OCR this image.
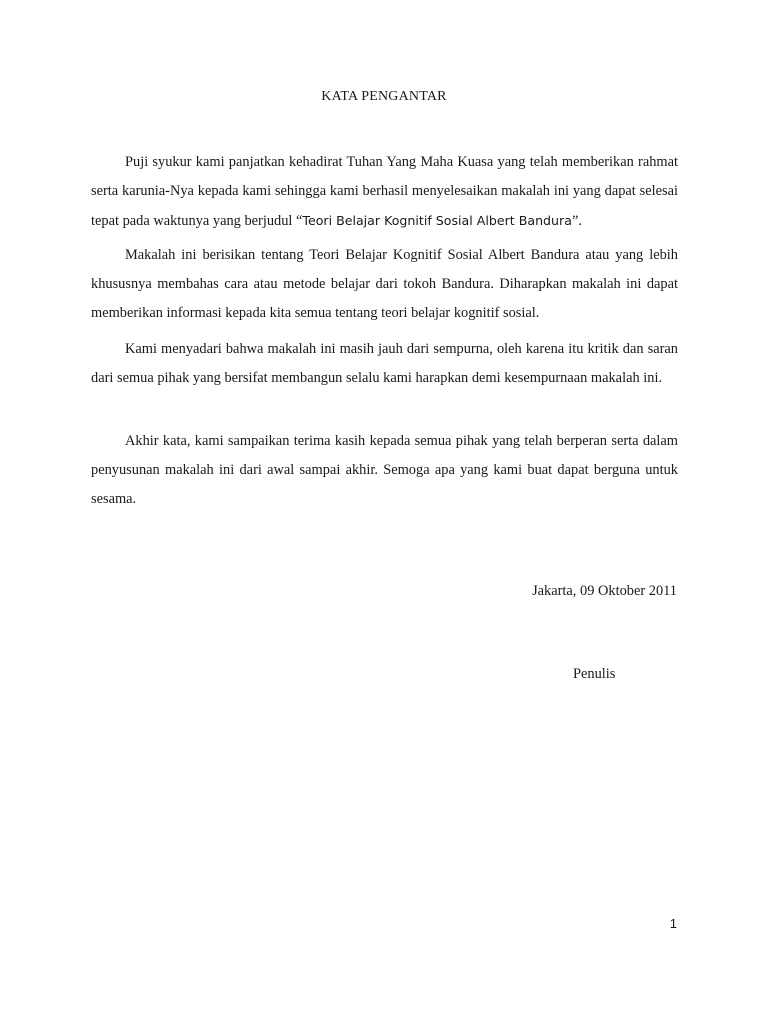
KATA PENGANTAR

Puji syukur kami panjatkan kehadirat Tuhan Yang Maha Kuasa yang telah memberikan rahmat serta karunia-Nya kepada kami sehingga kami berhasil menyelesaikan makalah ini yang dapat selesai tepat pada waktunya yang berjudul “Teori Belajar Kognitif Sosial Albert Bandura”.

Makalah ini berisikan tentang Teori Belajar Kognitif Sosial Albert Bandura atau yang lebih khususnya membahas cara atau metode belajar dari tokoh Bandura. Diharapkan makalah ini dapat memberikan informasi kepada kita semua tentang teori belajar kognitif sosial.

Kami menyadari bahwa makalah ini masih jauh dari sempurna, oleh karena itu kritik dan saran dari semua pihak yang bersifat membangun selalu kami harapkan demi kesempurnaan makalah ini.

Akhir kata, kami sampaikan terima kasih kepada semua pihak yang telah berperan serta dalam penyusunan makalah ini dari awal sampai akhir. Semoga apa yang kami buat dapat berguna untuk sesama.

Jakarta, 09 Oktober 2011
Penulis
1
